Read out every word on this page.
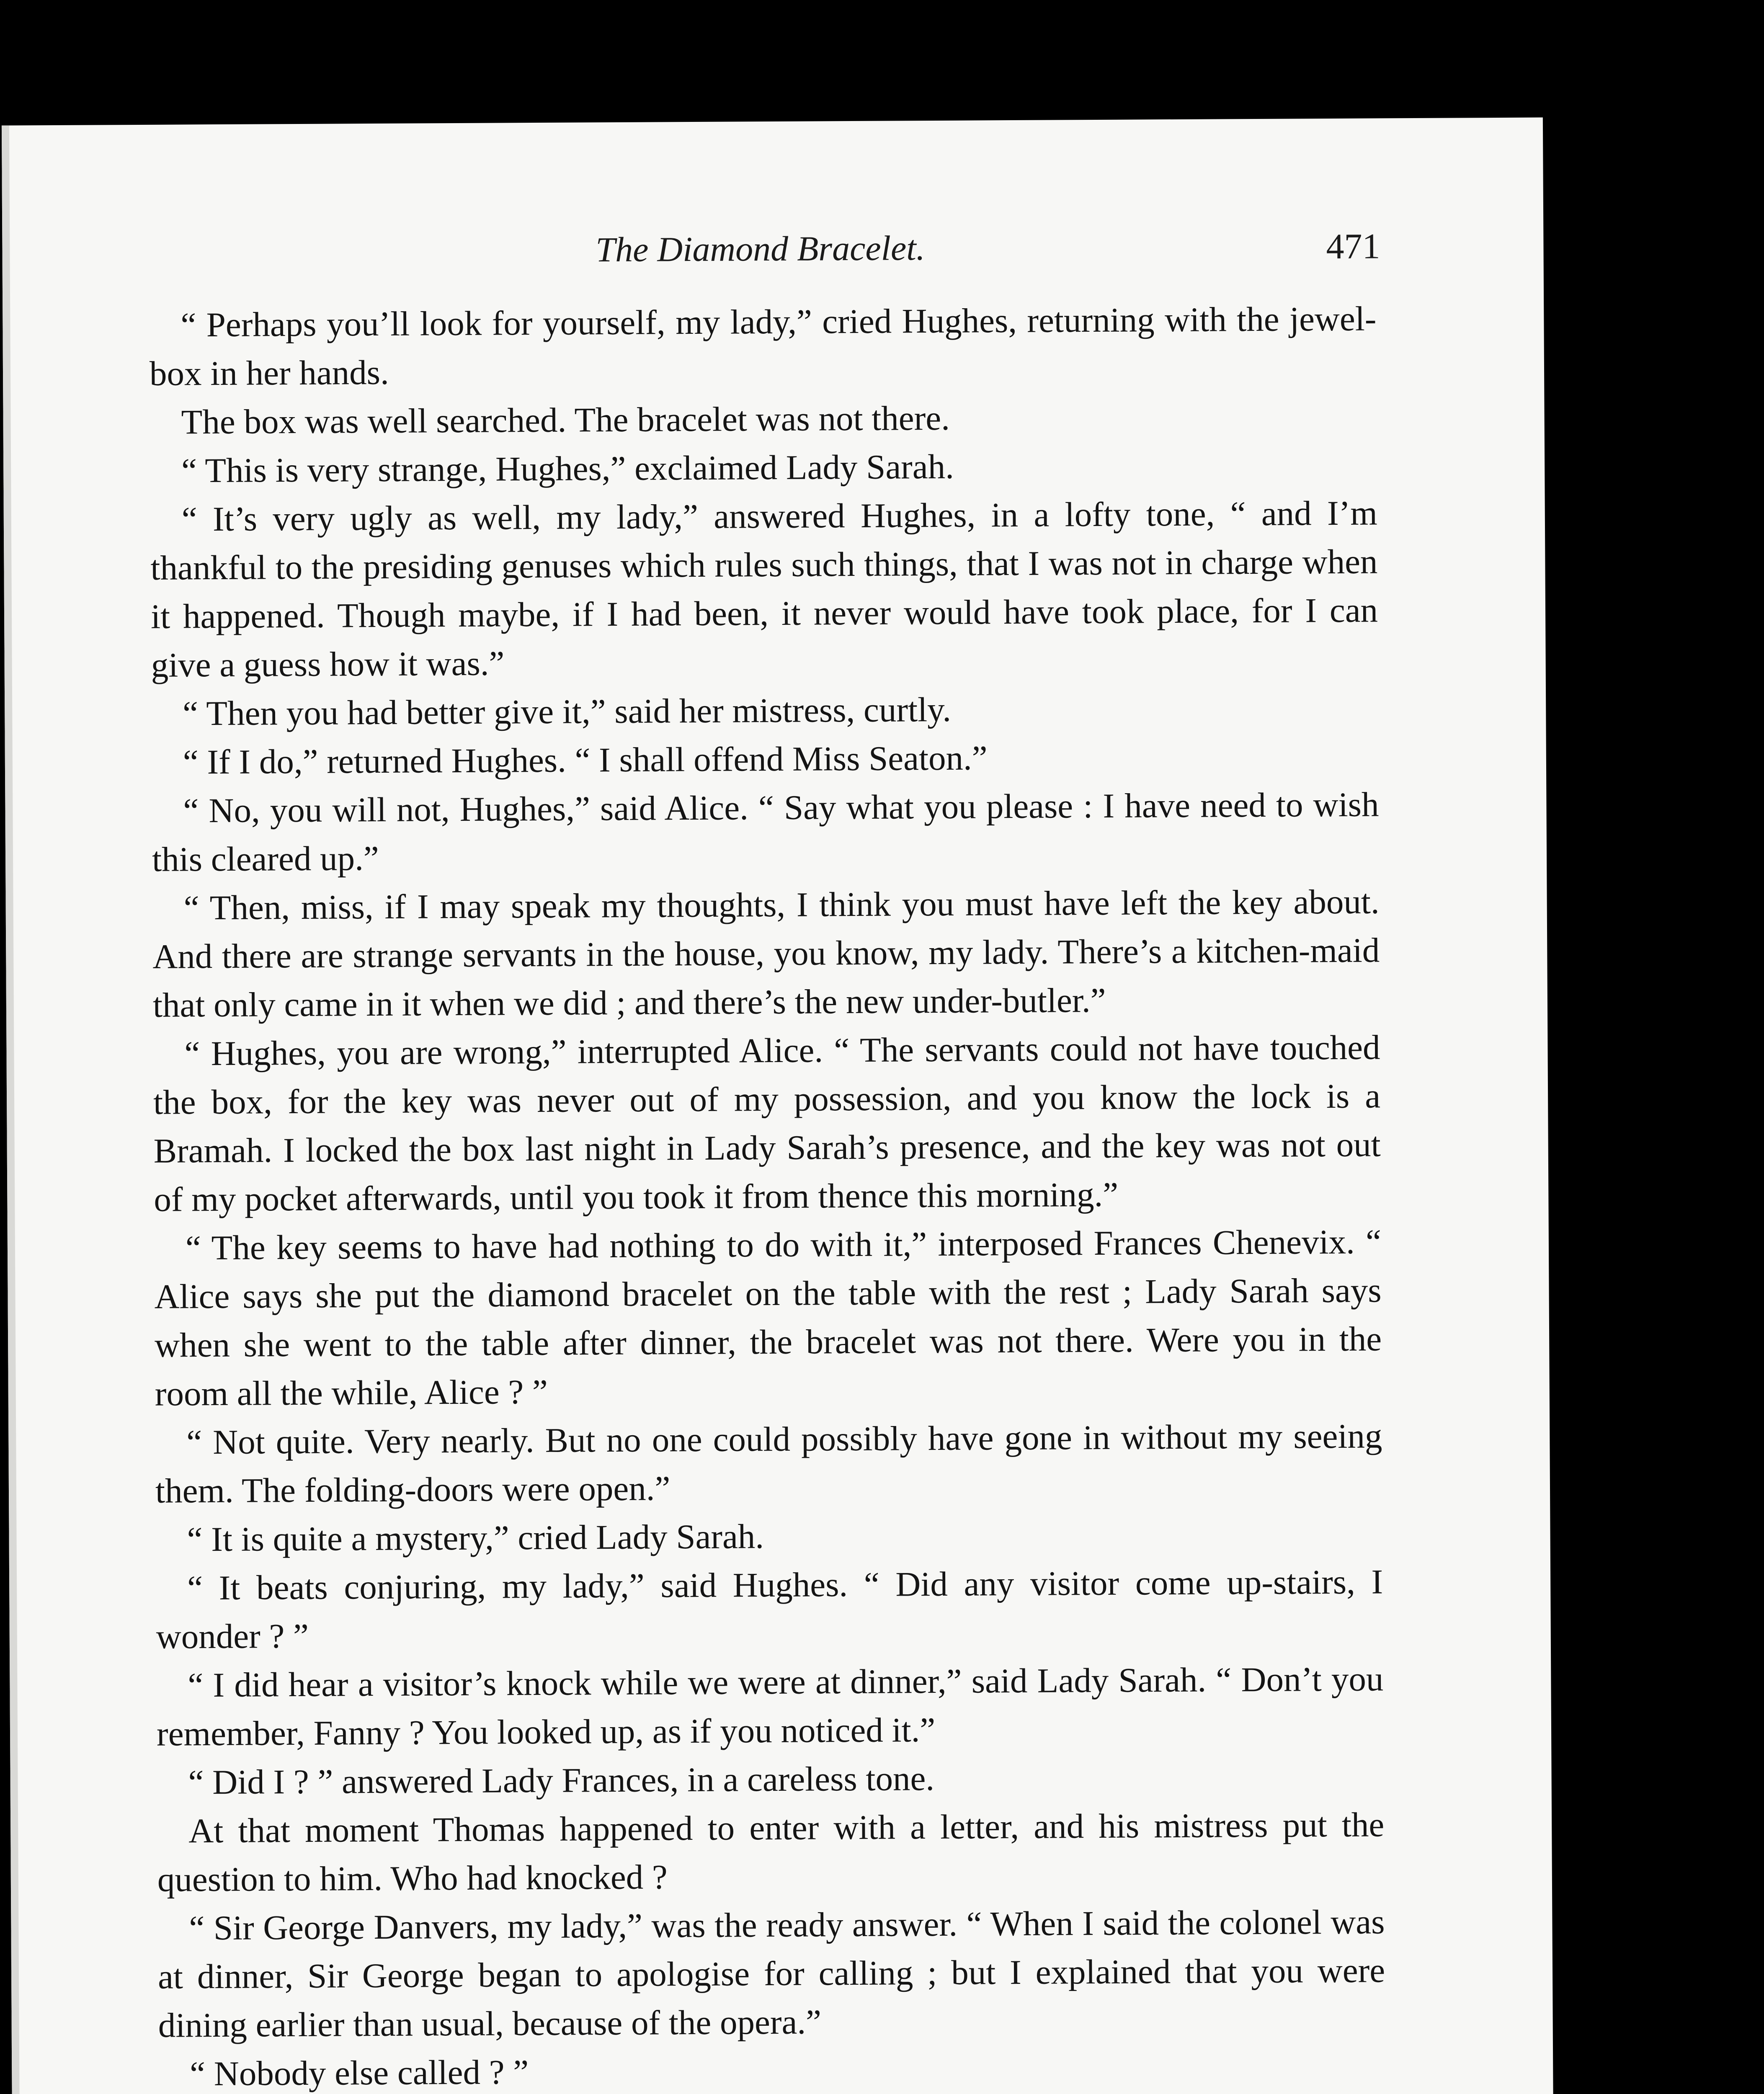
The Diamond Bracelet.	471

“ Perhaps you’ll look for yourself, my lady,” cried Hughes, returning with the jewel-box in her hands.

The box was well searched. The bracelet was not there.

“ This is very strange, Hughes,” exclaimed Lady Sarah.

“ It’s very ugly as well, my lady,” answered Hughes, in a lofty tone, “ and I’m thankful to the presiding genuses which rules such things, that I was not in charge when it happened. Though maybe, if I had been, it never would have took place, for I can give a guess how it was.”

“ Then you had better give it,” said her mistress, curtly.

“ If I do,” returned Hughes. “ I shall offend Miss Seaton.”

“ No, you will not, Hughes,” said Alice. “ Say what you please : I have need to wish this cleared up.”

“ Then, miss, if I may speak my thoughts, I think you must have left the key about. And there are strange servants in the house, you know, my lady. There’s a kitchen-maid that only came in it when we did ; and there’s the new under-butler.”

“ Hughes, you are wrong,” interrupted Alice. “ The servants could not have touched the box, for the key was never out of my possession, and you know the lock is a Bramah. I locked the box last night in Lady Sarah’s presence, and the key was not out of my pocket afterwards, until you took it from thence this morning.”

“ The key seems to have had nothing to do with it,” interposed Frances Chenevix. “ Alice says she put the diamond bracelet on the table with the rest ; Lady Sarah says when she went to the table after dinner, the bracelet was not there. Were you in the room all the while, Alice ? ”

“ Not quite. Very nearly. But no one could possibly have gone in without my seeing them. The folding-doors were open.”

“ It is quite a mystery,” cried Lady Sarah.

“ It beats conjuring, my lady,” said Hughes. “ Did any visitor come up-stairs, I wonder ? ”

“ I did hear a visitor’s knock while we were at dinner,” said Lady Sarah. “ Don’t you remember, Fanny ? You looked up, as if you noticed it.”

“ Did I ? ” answered Lady Frances, in a careless tone.

At that moment Thomas happened to enter with a letter, and his mistress put the question to him. Who had knocked ?

“ Sir George Danvers, my lady,” was the ready answer. “ When I said the colonel was at dinner, Sir George began to apologise for calling ; but I explained that you were dining earlier than usual, because of the opera.”

“ Nobody else called ? ”
